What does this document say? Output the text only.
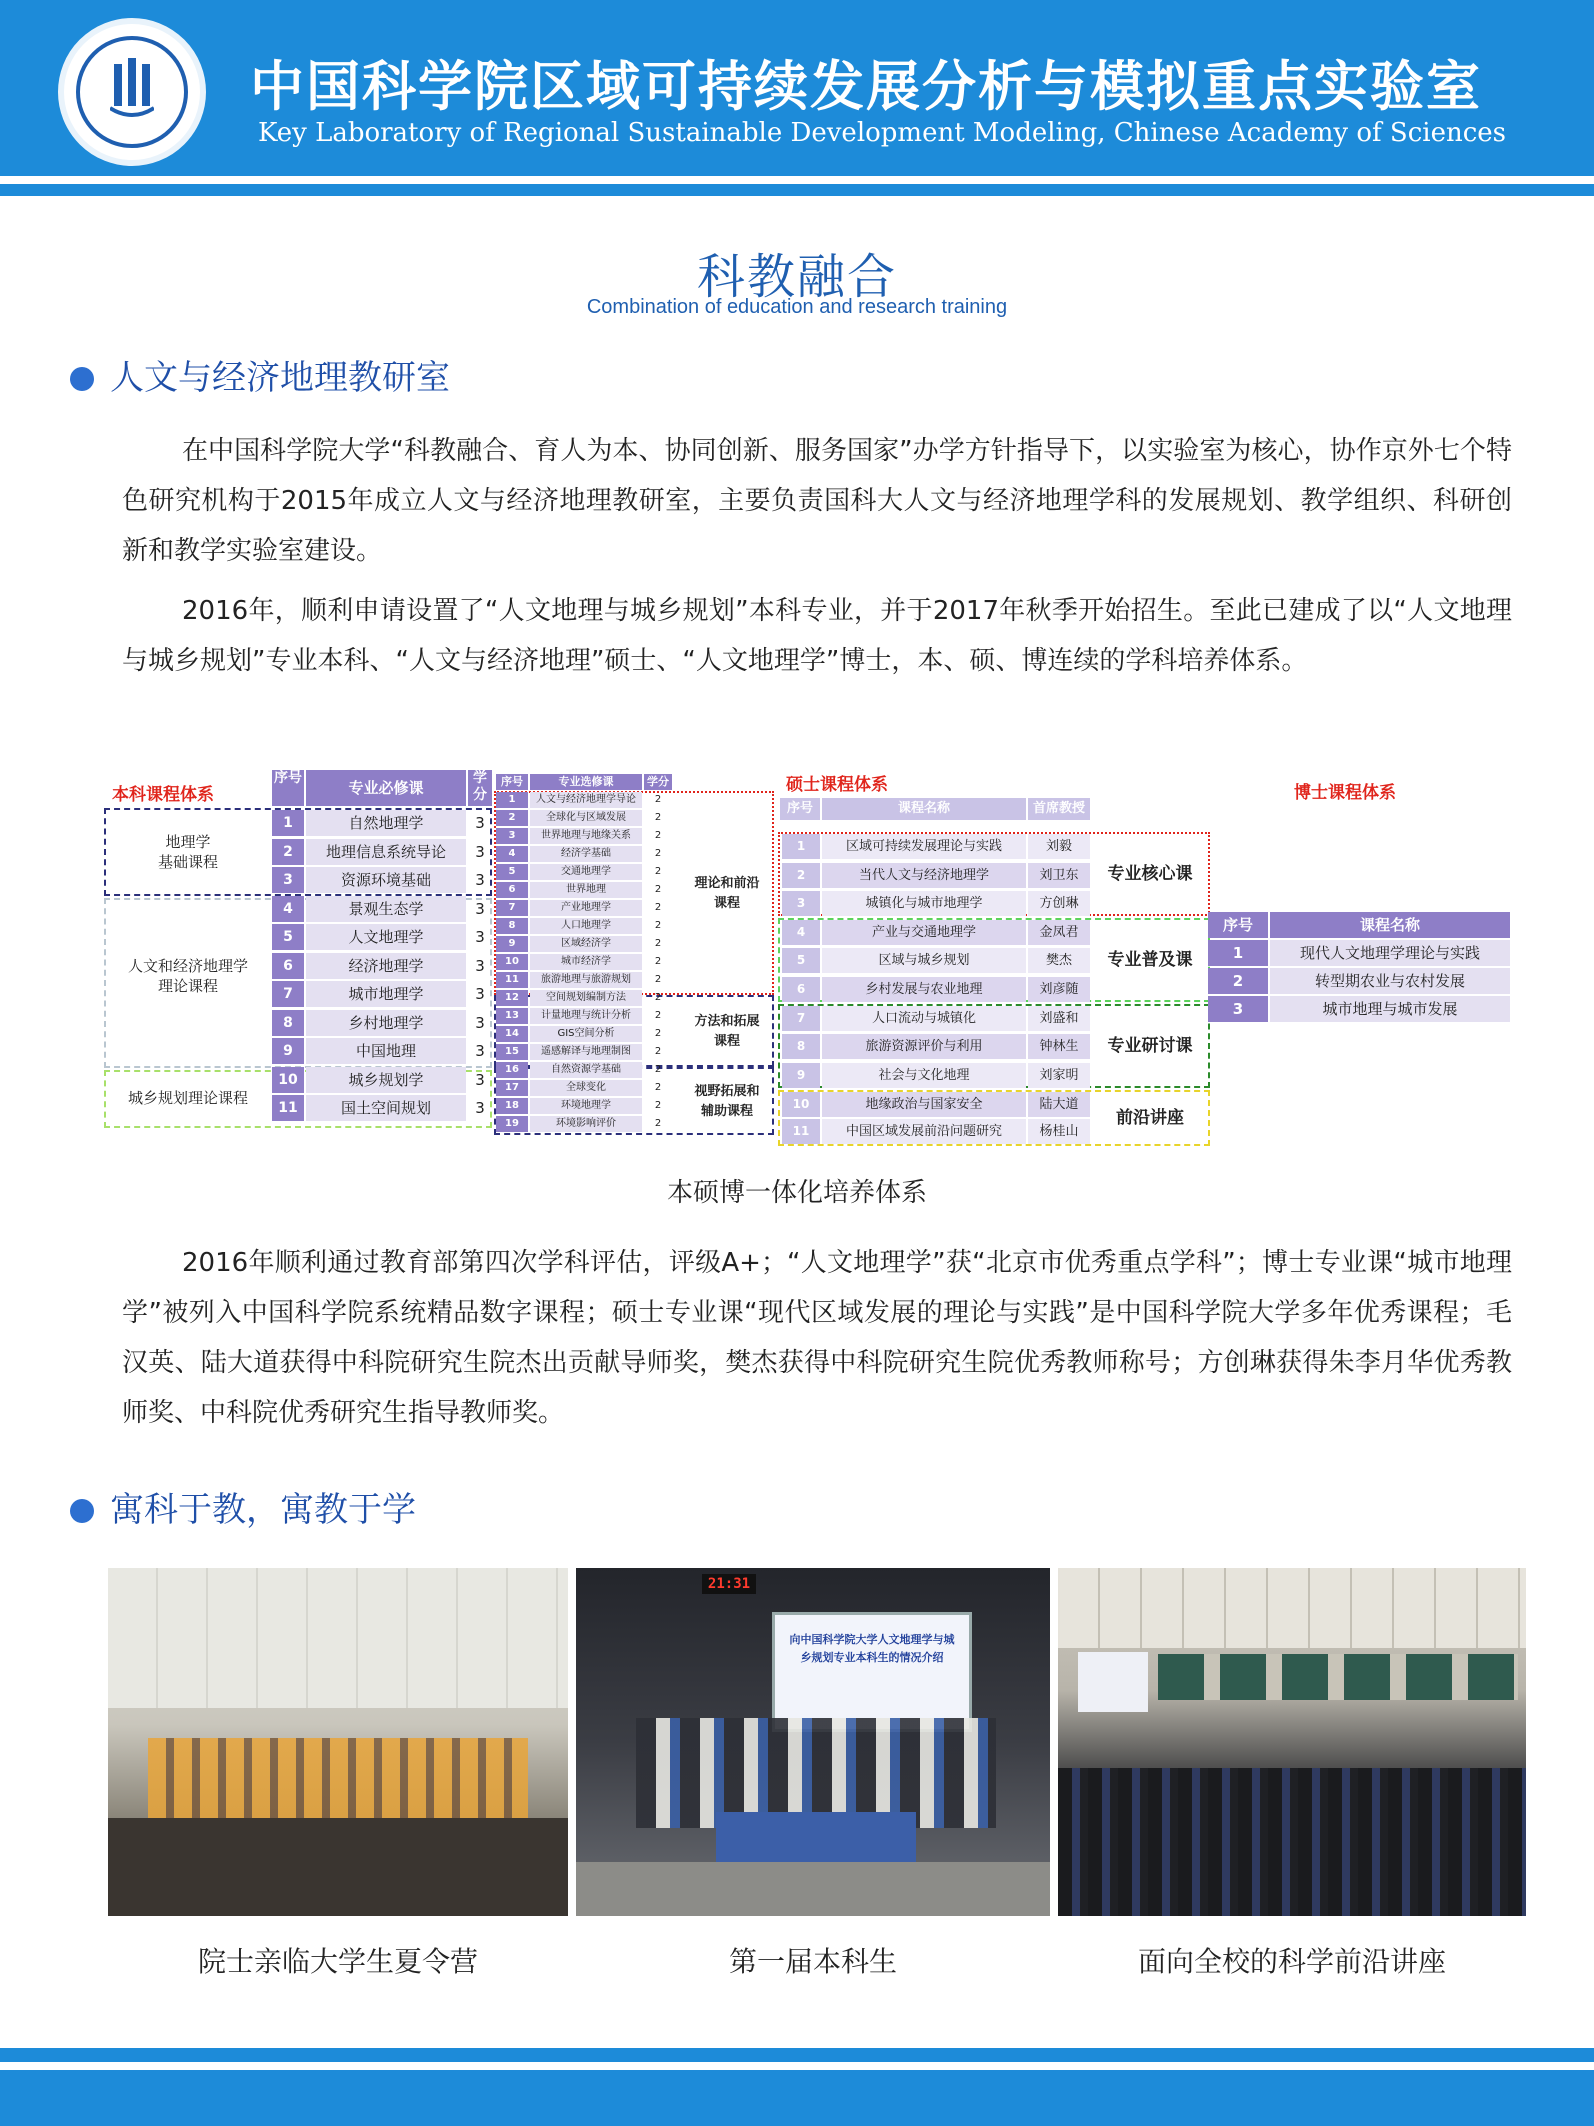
中国科学院区域可持续发展分析与模拟重点实验室
Key Laboratory of Regional Sustainable Development Modeling, Chinese Academy of Sciences
科教融合
Combination of education and research training
人文与经济地理教研室
在中国科学院大学“科教融合、育人为本、协同创新、服务国家”办学方针指导下，以实验室为核心，协作京外七个特色研究机构于2015年成立人文与经济地理教研室，主要负责国科大人文与经济地理学科的发展规划、教学组织、科研创新和教学实验室建设。
2016年，顺利申请设置了“人文地理与城乡规划”本科专业，并于2017年秋季开始招生。至此已建成了以“人文地理与城乡规划”专业本科、“人文与经济地理”硕士、“人文地理学”博士，本、硕、博连续的学科培养体系。
本科课程体系
序号
专业必修课
学分
地理学
基础课程
人文和经济地理学
理论课程
城乡规划理论课程
序号	专业选修课	学分
理论和前沿
课程
方法和拓展
课程
视野拓展和
辅助课程
硕士课程体系
序号	课程名称	首席教授
专业核心课
专业普及课
专业研讨课
前沿讲座
博士课程体系
序号	课程名称
1	自然地理学	3
2	地理信息系统导论	3
3	资源环境基础	3
4	景观生态学	3
5	人文地理学	3
6	经济地理学	3
7	城市地理学	3
8	乡村地理学	3
9	中国地理	3
10	城乡规划学	3
11	国土空间规划	3
1	人文与经济地理学导论	2
2	全球化与区域发展	2
3	世界地理与地缘关系	2
4	经济学基础	2
5	交通地理学	2
6	世界地理	2
7	产业地理学	2
8	人口地理学	2
9	区域经济学	2
10	城市经济学	2
11	旅游地理与旅游规划	2
12	空间规划编制方法	2
13	计量地理与统计分析	2
14	GIS空间分析	2
15	遥感解译与地理制图	2
16	自然资源学基础	2
17	全球变化	2
18	环境地理学	2
19	环境影响评价	2
1	区域可持续发展理论与实践	刘毅
2	当代人文与经济地理学	刘卫东
3	城镇化与城市地理学	方创琳
4	产业与交通地理学	金凤君
5	区域与城乡规划	樊杰
6	乡村发展与农业地理	刘彦随
7	人口流动与城镇化	刘盛和
8	旅游资源评价与利用	钟林生
9	社会与文化地理	刘家明
10	地缘政治与国家安全	陆大道
11	中国区域发展前沿问题研究	杨桂山
1	现代人文地理学理论与实践
2	转型期农业与农村发展
3	城市地理与城市发展
本硕博一体化培养体系
2016年顺利通过教育部第四次学科评估，评级A+；“人文地理学”获“北京市优秀重点学科”；博士专业课“城市地理学”被列入中国科学院系统精品数字课程；硕士专业课“现代区域发展的理论与实践”是中国科学院大学多年优秀课程；毛汉英、陆大道获得中科院研究生院杰出贡献导师奖，樊杰获得中科院研究生院优秀教师称号；方创琳获得朱李月华优秀教师奖、中科院优秀研究生指导教师奖。
寓科于教，寓教于学
21:31
向中国科学院大学人文地理学与城乡规划专业本科生的情况介绍
院士亲临大学生夏令营	第一届本科生	面向全校的科学前沿讲座
